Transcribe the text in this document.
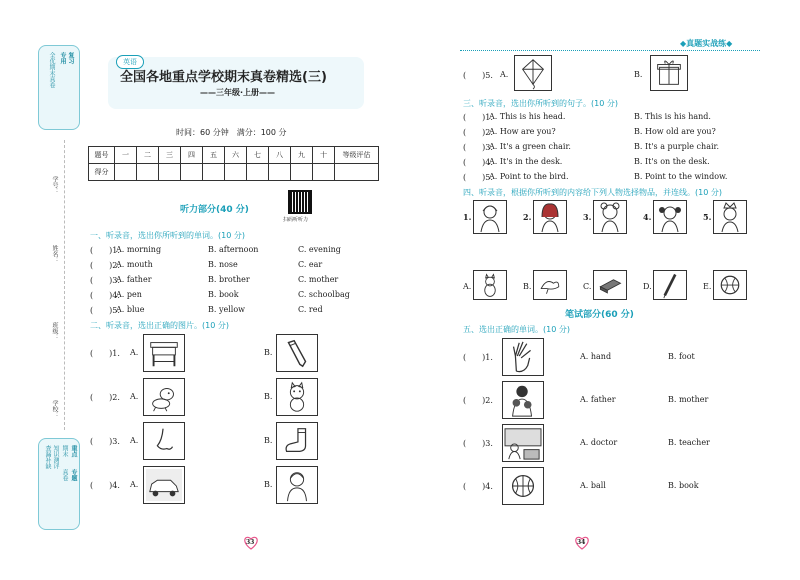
复习
专用
全优期末真卷
重点
专题
期末
真卷
知识测评
查漏补缺
学号：
姓名：
班级：
学校：
◆真题实战练◆
英语
全国各地重点学校期末真卷精选(三)
——三年级·上册——
时间：60 分钟　满分：100 分
题号	一	二	三	四	五	六	七	八	九	十	等级评估
得分											
扫码听听力
听力部分(40 分)
一、听录音，选出你所听到的单词。(10 分)
(　　)1.
A. morning	B. afternoon	C. evening
(　　)2.
A. mouth	B. nose	C. ear
(　　)3.
A. father	B. brother	C. mother
(　　)4.
A. pen	B. book	C. schoolbag
(　　)5.
A. blue	B. yellow	C. red
二、听录音，选出正确的图片。(10 分)
(　　)1. A.	B.
(　　)2. A.	B.
(　　)3. A.	B.
(　　)4. A.	B.
33
(　　)5. A.	B.
三、听录音，选出你所听到的句子。(10 分)
(　　)1.
A. This is his head.	B. This is his hand.
(　　)2.
A. How are you?	B. How old are you?
(　　)3.
A. It's a green chair.	B. It's a purple chair.
(　　)4.
A. It's in the desk.	B. It's on the desk.
(　　)5.
A. Point to the bird.	B. Point to the window.
四、听录音，根据你所听到的内容给下列人物选择物品，并连线。(10 分)
1.	2.	3.	4.	5.
A.	B.	C.	D.	E.
笔试部分(60 分)
五、选出正确的单词。(10 分)
(　　)1.	A. hand	B. foot
(　　)2.	A. father	B. mother
(　　)3.	A. doctor	B. teacher
(　　)4.	A. ball	B. book
34
